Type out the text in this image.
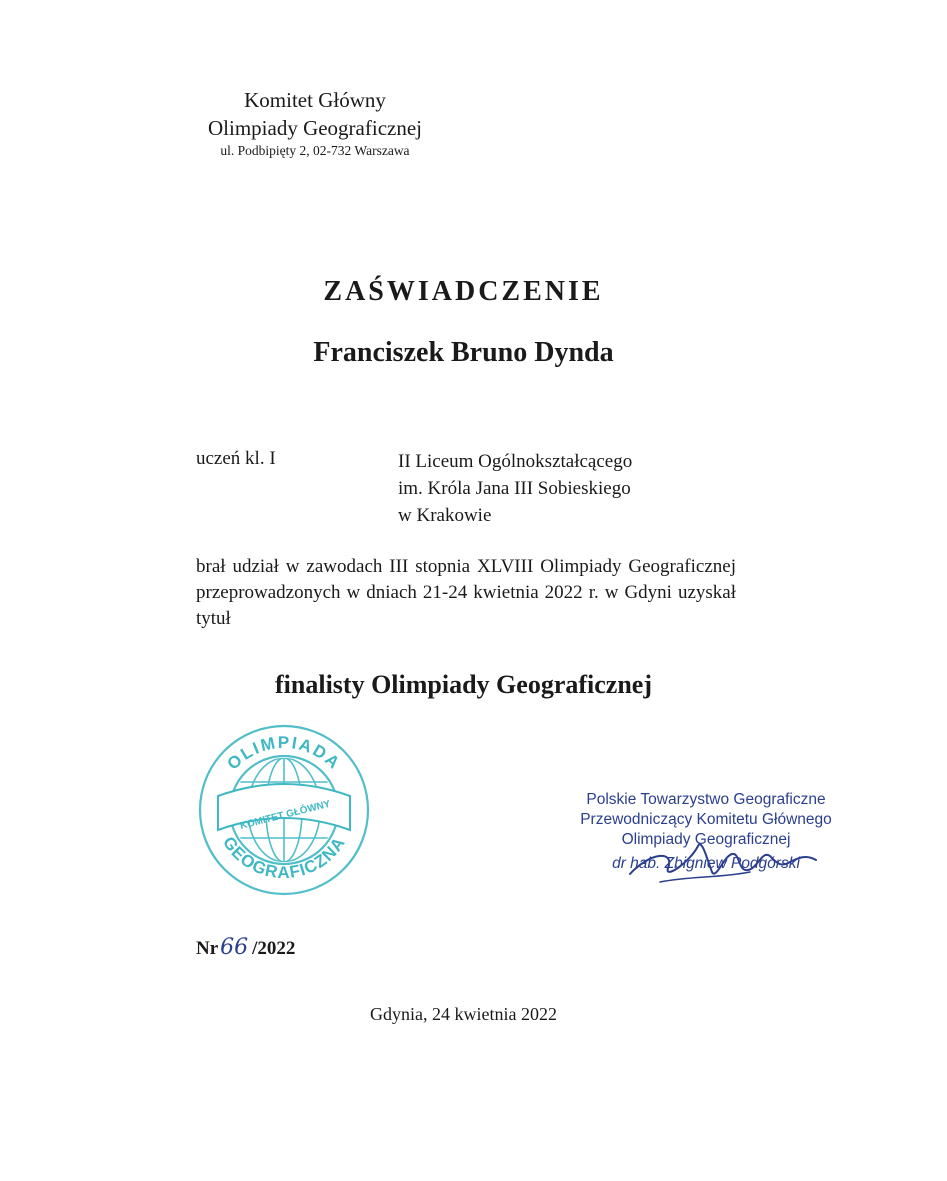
Komitet Główny
Olimpiady Geograficznej
ul. Podbipięty 2, 02-732 Warszawa
ZAŚWIADCZENIE
Franciszek Bruno Dynda
uczeń kl. I	II Liceum Ogólnokształcącego
im. Króla Jana III Sobieskiego
w Krakowie
brał udział w zawodach III stopnia XLVIII Olimpiady Geograficznej przeprowadzonych w dniach 21-24 kwietnia 2022 r. w Gdyni uzyskał tytuł
finalisty Olimpiady Geograficznej
KOMITET GŁÓWNY
OLIMPIADA
GEOGRAFICZNA
Polskie Towarzystwo Geograficzne
Przewodniczący Komitetu Głównego
Olimpiady Geograficznej
dr hab. Zbigniew Podgórski
Nr66 /2022
Gdynia, 24 kwietnia 2022
